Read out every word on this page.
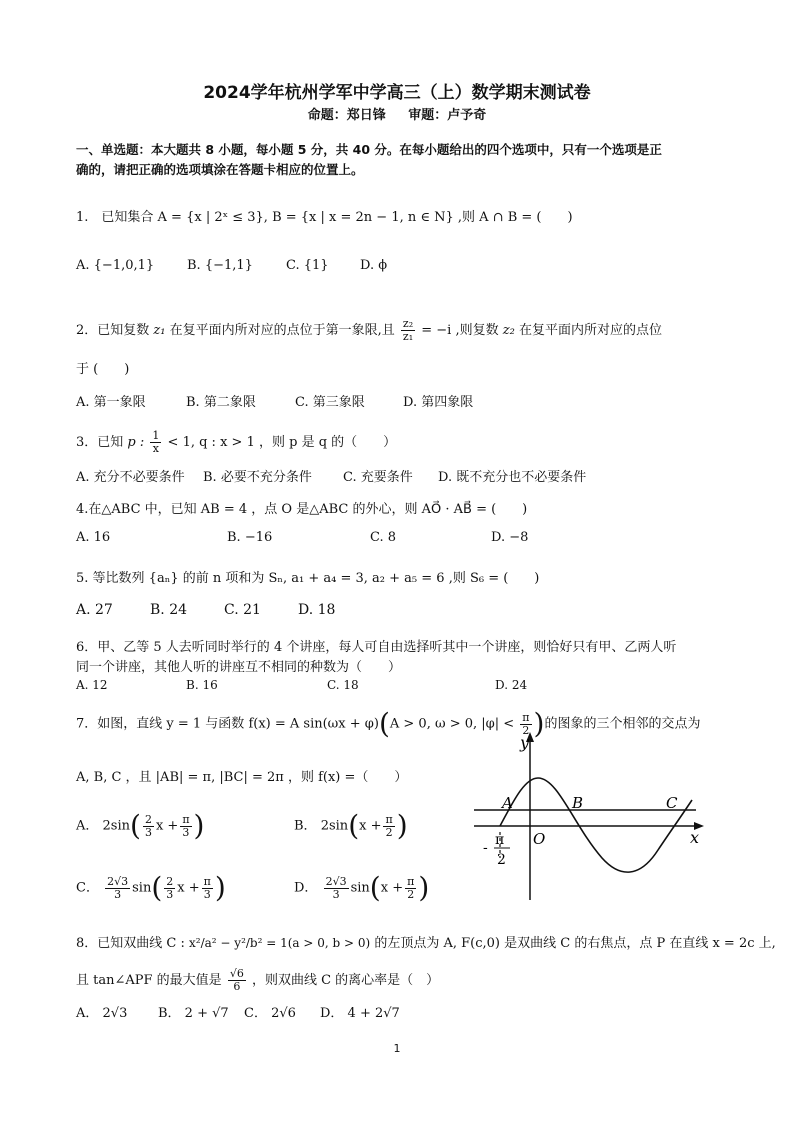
2024学年杭州学军中学高三（上）数学期末测试卷
命题：郑日锋 审题：卢予奇
一、单选题：本大题共 8 小题，每小题 5 分，共 40 分。在每小题给出的四个选项中，只有一个选项是正
确的，请把正确的选项填涂在答题卡相应的位置上。
1.　已知集合 A = {x | 2ˣ ≤ 3}, B = {x | x = 2n − 1, n ∈ N} ,则 A ∩ B = (　　)
A. {−1,0,1}	B. {−1,1}	C. {1} D. ϕ
2．已知复数 z₁ 在复平面内所对应的点位于第一象限,且 $\frac{\text{z₂}}{\text{z₁}} = -i$ ,则复数 z₂ 在复平面内所对应的点位
于 (　　)
A. 第一象限	B. 第二象限	C. 第三象限	D. 第四象限
3．已知 p : $\frac{1}{x} < 1$, q : x > 1 ，则 p 是 q 的（　　）
A. 充分不必要条件 B. 必要不充分条件 C. 充要条件 D. 既不充分也不必要条件
4.在△ABC 中，已知 AB = 4 ，点 O 是△ABC 的外心，则 AO⃗ · AB⃗ = (　　)
A. 16	B. −16	C. 8	D. −8
5. 等比数列 {aₙ} 的前 n 项和为 Sₙ, a₁ + a₄ = 3, a₂ + a₅ = 6 ,则 S₆ = (　　)
A. 27	B. 24	C. 21	D. 18
6．甲、乙等 5 人去听同时举行的 4 个讲座，每人可自由选择听其中一个讲座，则恰好只有甲、乙两人听
同一个讲座，其他人听的讲座互不相同的种数为（　　）
A. 12	B. 16	C. 18	D. 24
7．如图，直线 y = 1 与函数 f(x) = A sin(ωx + φ)(A > 0, ω > 0, $|\varphi| < \frac{\pi}{2}$ )的图象的三个相邻的交点为
A, B, C ，且 |AB| = π, |BC| = 2π ，则 f(x) =（　　）
A． $2\sin( \frac{2}{3}$ $x + \frac{\pi}{3}$ )	B． $2\sin(x + \frac{\pi}{2}$ )
C． $\frac{2√3}{3} \sin( \frac{2}{3}$ $x + \frac{\pi}{3}$ )	D． $\frac{2√3}{3} \sin(x + \frac{\pi}{2}$ )
y
x
O
A	B	C
π
2
-
8．已知双曲线 C : x²/a² − y²/b² = 1(a > 0, b > 0) 的左顶点为 A, F(c,0) 是双曲线 C 的右焦点，点 P 在直线 x = 2c 上,
且 tan∠APF 的最大值是 $\frac{√6}{6}$ ，则双曲线 C 的离心率是（　）
A． 2√3 B． 2 + √7 C． 2√6 D． 4 + 2√7
1
